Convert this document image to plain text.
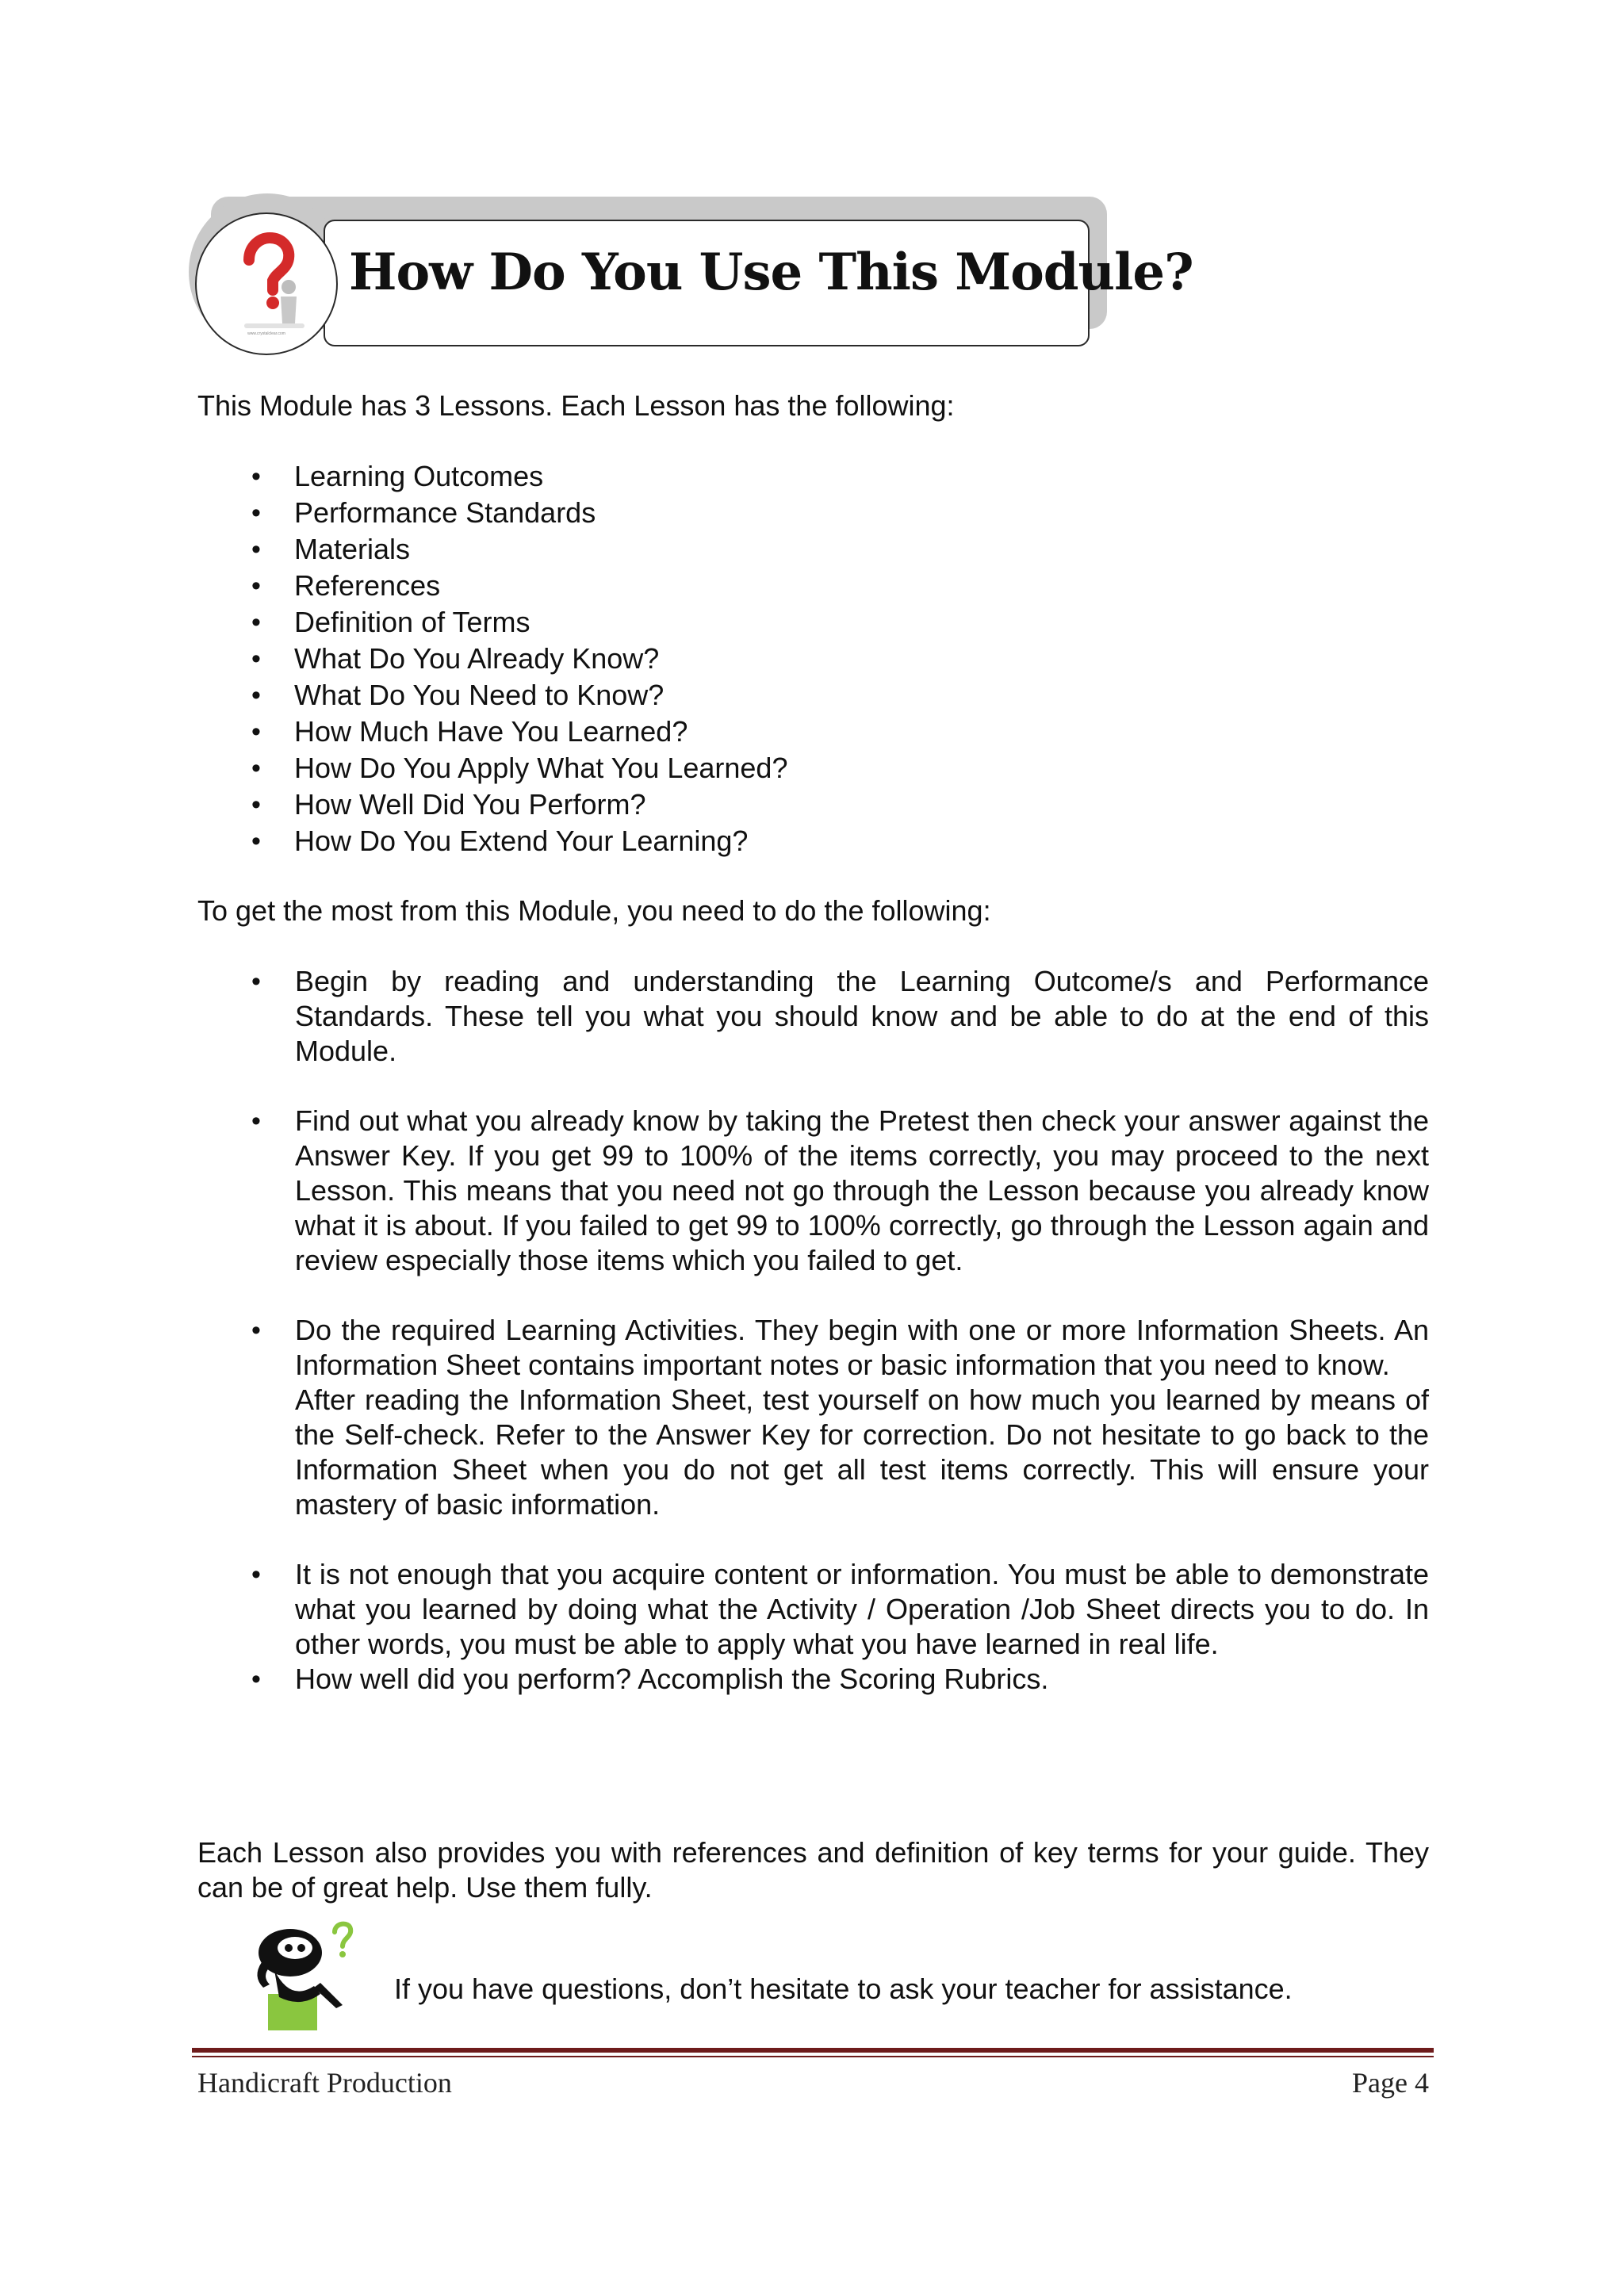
www.crystalclear.com
How Do You Use This Module?

This Module has 3 Lessons. Each Lesson has the following:

• Learning Outcomes
• Performance Standards
• Materials
• References
• Definition of Terms
• What Do You Already Know?
• What Do You Need to Know?
• How Much Have You Learned?
• How Do You Apply What You Learned?
• How Well Did You Perform?
• How Do You Extend Your Learning?

To get the most from this Module, you need to do the following:

• Begin by reading and understanding the Learning Outcome/s and Performance Standards. These tell you what you should know and be able to do at the end of this Module.
• Find out what you already know by taking the Pretest then check your answer against the Answer Key. If you get 99 to 100% of the items correctly, you may proceed to the next Lesson. This means that you need not go through the Lesson because you already know what it is about. If you failed to get 99 to 100% correctly, go through the Lesson again and review especially those items which you failed to get.
• Do the required Learning Activities. They begin with one or more Information Sheets. An Information Sheet contains important notes or basic information that you need to know.
After reading the Information Sheet, test yourself on how much you learned by means of the Self-check. Refer to the Answer Key for correction. Do not hesitate to go back to the Information Sheet when you do not get all test items correctly. This will ensure your mastery of basic information.
• It is not enough that you acquire content or information. You must be able to demonstrate what you learned by doing what the Activity / Operation /Job Sheet directs you to do. In other words, you must be able to apply what you have learned in real life.
• How well did you perform? Accomplish the Scoring Rubrics.

Each Lesson also provides you with references and definition of key terms for your guide. They can be of great help. Use them fully.

If you have questions, don’t hesitate to ask your teacher for assistance.
Handicraft Production	Page 4
